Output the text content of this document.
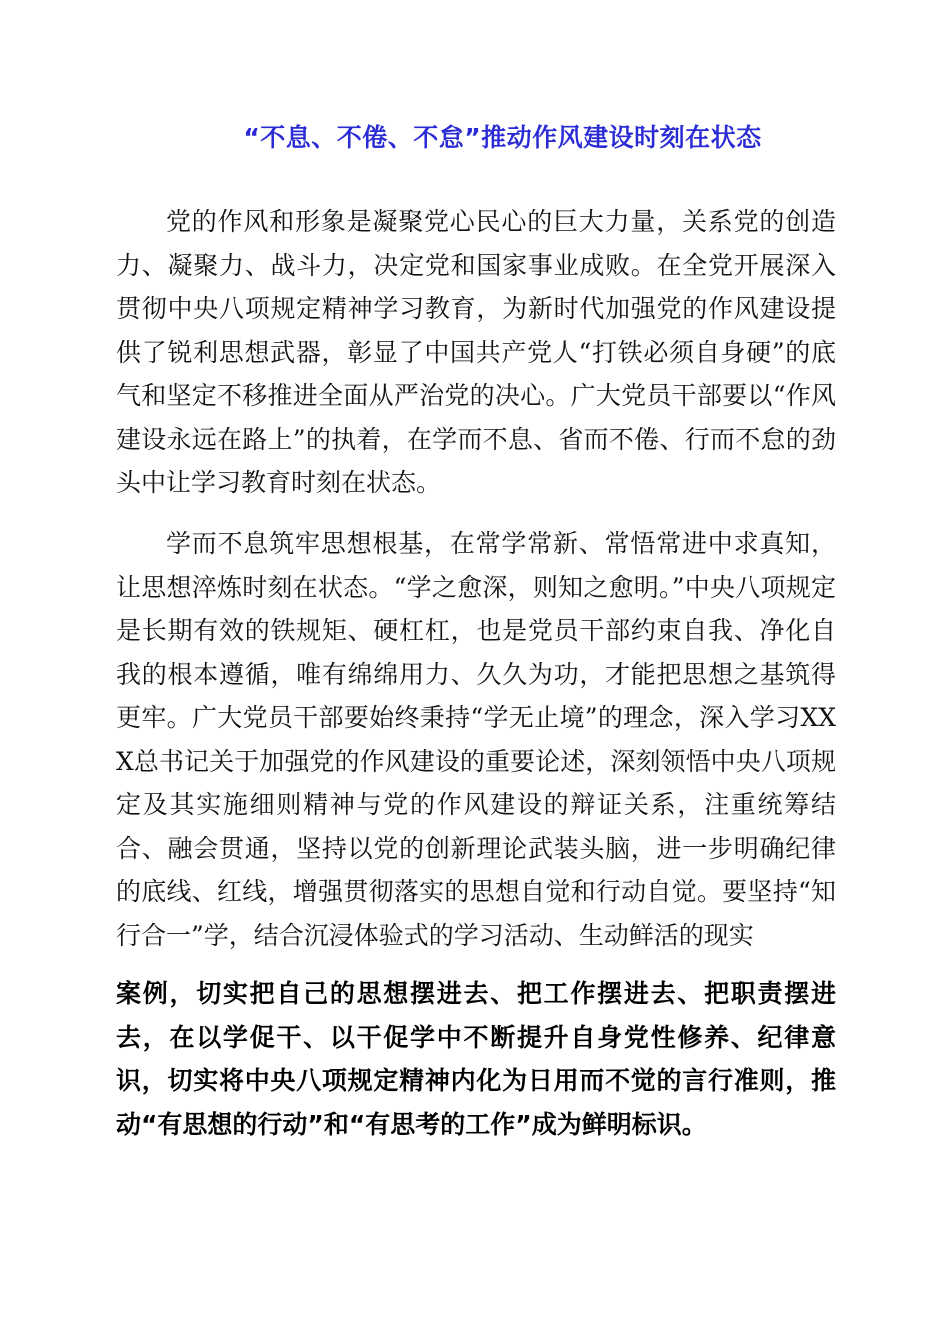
“不息、不倦、不怠”推动作风建设时刻在状态

党的作风和形象是凝聚党心民心的巨大力量，关系党的创造力、凝聚力、战斗力，决定党和国家事业成败。在全党开展深入贯彻中央八项规定精神学习教育，为新时代加强党的作风建设提供了锐利思想武器，彰显了中国共产党人“打铁必须自身硬”的底气和坚定不移推进全面从严治党的决心。广大党员干部要以“作风建设永远在路上”的执着，在学而不息、省而不倦、行而不怠的劲头中让学习教育时刻在状态。

学而不息筑牢思想根基，在常学常新、常悟常进中求真知，让思想淬炼时刻在状态。“学之愈深，则知之愈明。”中央八项规定是长期有效的铁规矩、硬杠杠，也是党员干部约束自我、净化自我的根本遵循，唯有绵绵用力、久久为功，才能把思想之基筑得更牢。广大党员干部要始终秉持“学无止境”的理念，深入学习XXX总书记关于加强党的作风建设的重要论述，深刻领悟中央八项规定及其实施细则精神与党的作风建设的辩证关系，注重统筹结合、融会贯通，坚持以党的创新理论武装头脑，进一步明确纪律的底线、红线，增强贯彻落实的思想自觉和行动自觉。要坚持“知行合一”学，结合沉浸体验式的学习活动、生动鲜活的现实

案例，切实把自己的思想摆进去、把工作摆进去、把职责摆进去，在以学促干、以干促学中不断提升自身党性修养、纪律意识，切实将中央八项规定精神内化为日用而不觉的言行准则，推动“有思想的行动”和“有思考的工作”成为鲜明标识。
